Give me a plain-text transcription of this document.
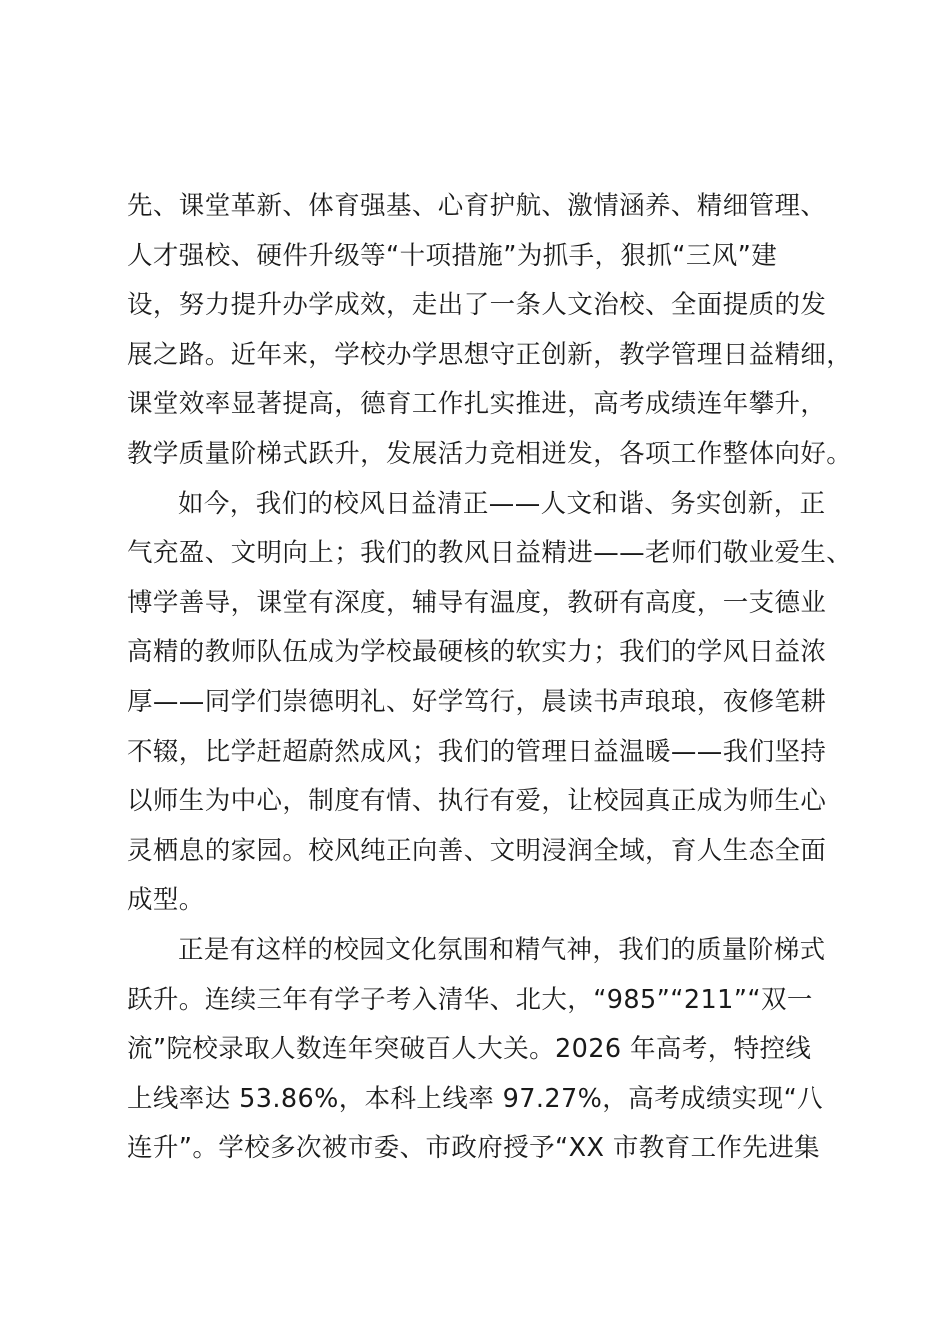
先、课堂革新、体育强基、心育护航、激情涵养、精细管理、
人才强校、硬件升级等“十项措施”为抓手，狠抓“三风”建
设，努力提升办学成效，走出了一条人文治校、全面提质的发
展之路。近年来，学校办学思想守正创新，教学管理日益精细，
课堂效率显著提高，德育工作扎实推进，高考成绩连年攀升，
教学质量阶梯式跃升，发展活力竞相迸发，各项工作整体向好。
如今，我们的校风日益清正——人文和谐、务实创新，正
气充盈、文明向上；我们的教风日益精进——老师们敬业爱生、
博学善导，课堂有深度，辅导有温度，教研有高度，一支德业
高精的教师队伍成为学校最硬核的软实力；我们的学风日益浓
厚——同学们崇德明礼、好学笃行，晨读书声琅琅，夜修笔耕
不辍，比学赶超蔚然成风；我们的管理日益温暖——我们坚持
以师生为中心，制度有情、执行有爱，让校园真正成为师生心
灵栖息的家园。校风纯正向善、文明浸润全域，育人生态全面
成型。
正是有这样的校园文化氛围和精气神，我们的质量阶梯式
跃升。连续三年有学子考入清华、北大，“985”“211”“双一
流”院校录取人数连年突破百人大关。2026 年高考，特控线
上线率达 53.86%，本科上线率 97.27%，高考成绩实现“八
连升”。学校多次被市委、市政府授予“XX 市教育工作先进集
